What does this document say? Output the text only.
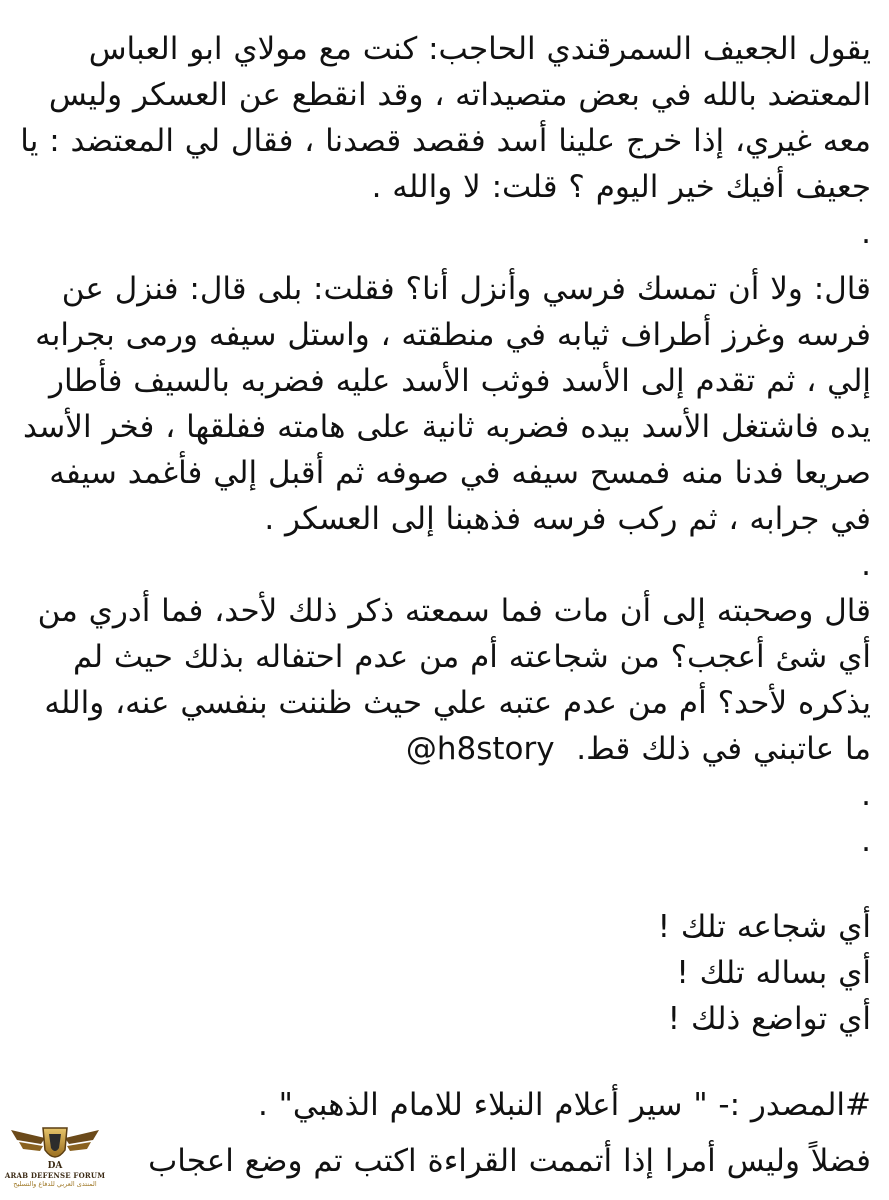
يقول الجعيف السمرقندي الحاجب: كنت مع مولاي ابو العباس المعتضد بالله في بعض متصيداته ، وقد انقطع عن العسكر وليس معه غيري، إذا خرج علينا أسد فقصد قصدنا ، فقال لي المعتضد : يا جعيف أفيك خير اليوم ؟ قلت: لا والله .

.

قال: ولا أن تمسك فرسي وأنزل أنا؟ فقلت: بلى قال: فنزل عن فرسه وغرز أطراف ثيابه في منطقته ، واستل سيفه ورمى بجرابه إلي ، ثم تقدم إلى الأسد فوثب الأسد عليه فضربه بالسيف فأطار يده فاشتغل الأسد بيده فضربه ثانية على هامته ففلقها ، فخر الأسد صريعا فدنا منه فمسح سيفه في صوفه ثم أقبل إلي فأغمد سيفه في جرابه ، ثم ركب فرسه فذهبنا إلى العسكر .

.

قال وصحبته إلى أن مات فما سمعته ذكر ذلك لأحد، فما أدري من أي شئ أعجب؟ من شجاعته أم من عدم احتفاله بذلك حيث لم يذكره لأحد؟ أم من عدم عتبه علي حيث ظننت بنفسي عنه، والله ما عاتبني في ذلك قط.  @h8story

.

.

أي شجاعه تلك !

أي بساله تلك !

أي تواضع ذلك !

#المصدر :- " سير أعلام النبلاء للامام الذهبي" .

فضلاً وليس أمرا إذا أتممت القراءة اكتب تم وضع اعجاب

DA
ARAB DEFENSE FORUM
المنتدى العربي للدفاع والتسليح
